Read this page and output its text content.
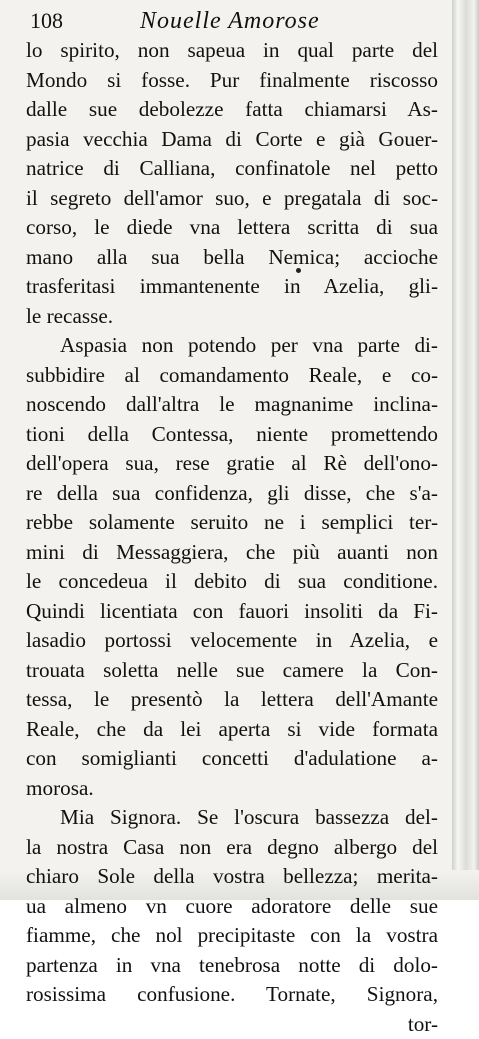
108	Nouelle Amorose
lo spirito, non sapeua in qual parte del
Mondo si fosse. Pur finalmente riscosso
dalle sue debolezze fatta chiamarsi As-
pasia vecchia Dama di Corte e già Gouer-
natrice di Calliana, confinatole nel petto
il segreto dell'amor suo, e pregatala di soc-
corso, le diede vna lettera scritta di sua
mano alla sua bella Nemica; accioche
trasferitasi immantenente in Azelia, gli-
le recasse.
Aspasia non potendo per vna parte di-
subbidire al comandamento Reale, e co-
noscendo dall'altra le magnanime inclina-
tioni della Contessa, niente promettendo
dell'opera sua, rese gratie al Rè dell'ono-
re della sua confidenza, gli disse, che s'a-
rebbe solamente seruito ne i semplici ter-
mini di Messaggiera, che più auanti non
le concedeua il debito di sua conditione.
Quindi licentiata con fauori insoliti da Fi-
lasadio portossi velocemente in Azelia, e
trouata soletta nelle sue camere la Con-
tessa, le presentò la lettera dell'Amante
Reale, che da lei aperta si vide formata
con somiglianti concetti d'adulatione a-
morosa.
Mia Signora. Se l'oscura bassezza del-
la nostra Casa non era degno albergo del
chiaro Sole della vostra bellezza; merita-
ua almeno vn cuore adoratore delle sue
fiamme, che nol precipitaste con la vostra
partenza in vna tenebrosa notte di dolo-
rosissima confusione. Tornate, Signora,
tor-
